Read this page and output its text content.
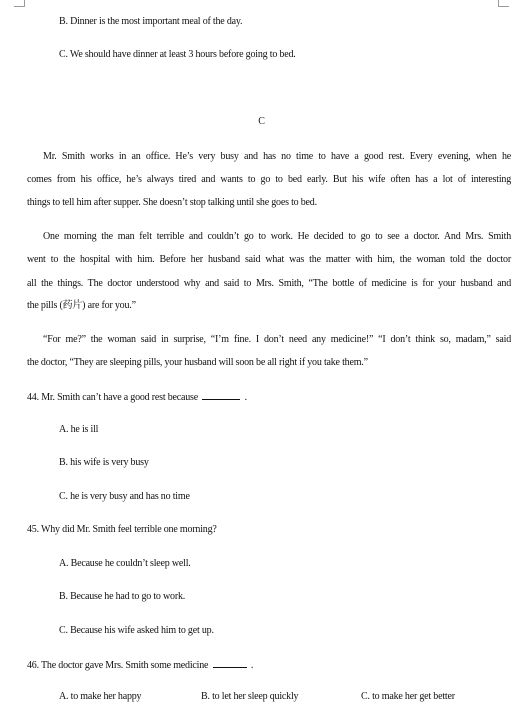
B. Dinner is the most important meal of the day.
C. We should have dinner at least 3 hours before going to bed.
C
Mr. Smith works in an office. He’s very busy and has no time to have a good rest. Every evening, when he
comes from his office, he’s always tired and wants to go to bed early. But his wife often has a lot of interesting
things to tell him after supper. She doesn’t stop talking until she goes to bed.
One morning the man felt terrible and couldn’t go to work. He decided to go to see a doctor. And Mrs. Smith
went to the hospital with him. Before her husband said what was the matter with him, the woman told the doctor
all the things. The doctor understood why and said to Mrs. Smith, “The bottle of medicine is for your husband and
the pills (药片) are for you.”
“For me?” the woman said in surprise, “I’m fine. I don’t need any medicine!” “I don’t think so, madam,” said
the doctor, “They are sleeping pills, your husband will soon be all right if you take them.”
44. Mr. Smith can’t have a good rest because	.
A. he is ill
B. his wife is very busy
C. he is very busy and has no time
45. Why did Mr. Smith feel terrible one morning?
A. Because he couldn’t sleep well.
B. Because he had to go to work.
C. Because his wife asked him to get up.
46. The doctor gave Mrs. Smith some medicine	.
A. to make her happy	B. to let her sleep quickly	C. to make her get better
